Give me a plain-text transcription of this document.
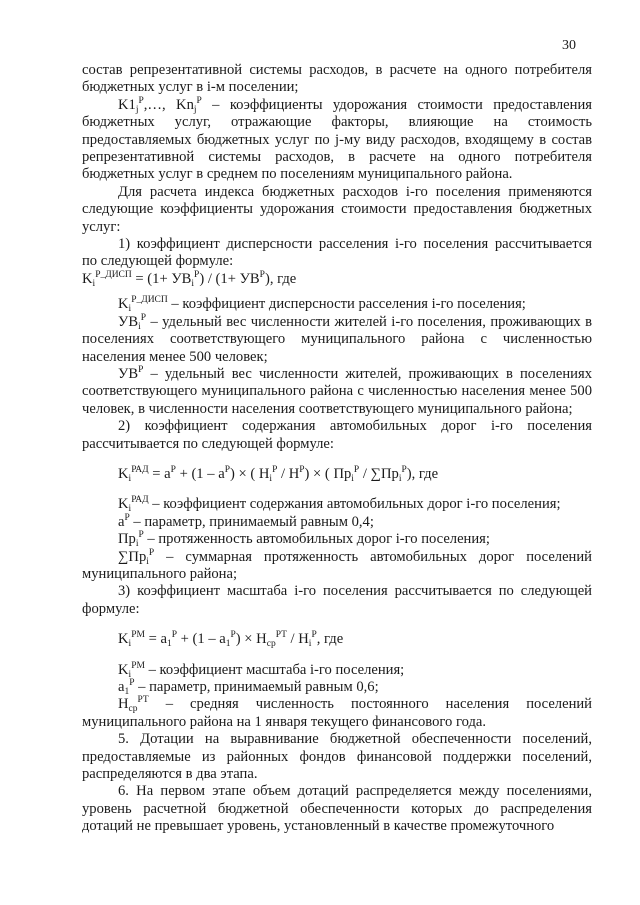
30

состав репрезентативной системы расходов, в расчете на одного потребителя бюджетных услуг в i-м поселении;

$K1_j^P,\dots$, $Kn_j^P$ – коэффициенты удорожания стоимости предоставления бюджетных услуг, отражающие факторы, влияющие на стоимость предоставляемых бюджетных услуг по j-му виду расходов, входящему в состав репрезентативной системы расходов, в расчете на одного потребителя бюджетных услуг в среднем по поселениям муниципального района.

Для расчета индекса бюджетных расходов i-го поселения применяются следующие коэффициенты удорожания стоимости предоставления бюджетных услуг:

1) коэффициент дисперсности расселения i-го поселения рассчитывается по следующей формуле:

$K_i^{P\_ДИСП} = (1+ УВ_i^P) / (1+ УВ^P)$, где

$K_i^{P\_ДИСП}$ – коэффициент дисперсности расселения i-го поселения;

$УВ_i^P$ – удельный вес численности жителей i-го поселения, проживающих в поселениях соответствующего муниципального района с численностью населения менее 500 человек;

$УВ^P$ – удельный вес численности жителей, проживающих в поселениях соответствующего муниципального района с численностью населения менее 500 человек, в численности населения соответствующего муниципального района;

2) коэффициент содержания автомобильных дорог i-го поселения рассчитывается по следующей формуле:

$K_i^{РАД} = a^P + (1 - a^P)$ × ( $H_i^P / H^P$) × ( $Пр_i^P / \sum Пр_i^P$), где

$K_i^{РАД}$ – коэффициент содержания автомобильных дорог i-го поселения;

$a^P$ – параметр, принимаемый равным 0,4;

$Пр_i^P$ – протяженность автомобильных дорог i-го поселения;

$\sum Пр_i^P$ – суммарная протяженность автомобильных дорог поселений муниципального района;

3) коэффициент масштаба i-го поселения рассчитывается по следующей формуле:

$K_i^{РМ} = a_1^P + (1 - a_1^P) \times H_{ср}^{РТ} / H_i^P$, где

$K_i^{РМ}$ – коэффициент масштаба i-го поселения;

$a_1^P$ – параметр, принимаемый равным 0,6;

$H_{ср}^{РТ}$ – средняя численность постоянного населения поселений муниципального района на 1 января текущего финансового года.

5. Дотации на выравнивание бюджетной обеспеченности поселений, предоставляемые из районных фондов финансовой поддержки поселений, распределяются в два этапа.

6. На первом этапе объем дотаций распределяется между поселениями, уровень расчетной бюджетной обеспеченности которых до распределения дотаций не превышает уровень, установленный в качестве промежуточного
